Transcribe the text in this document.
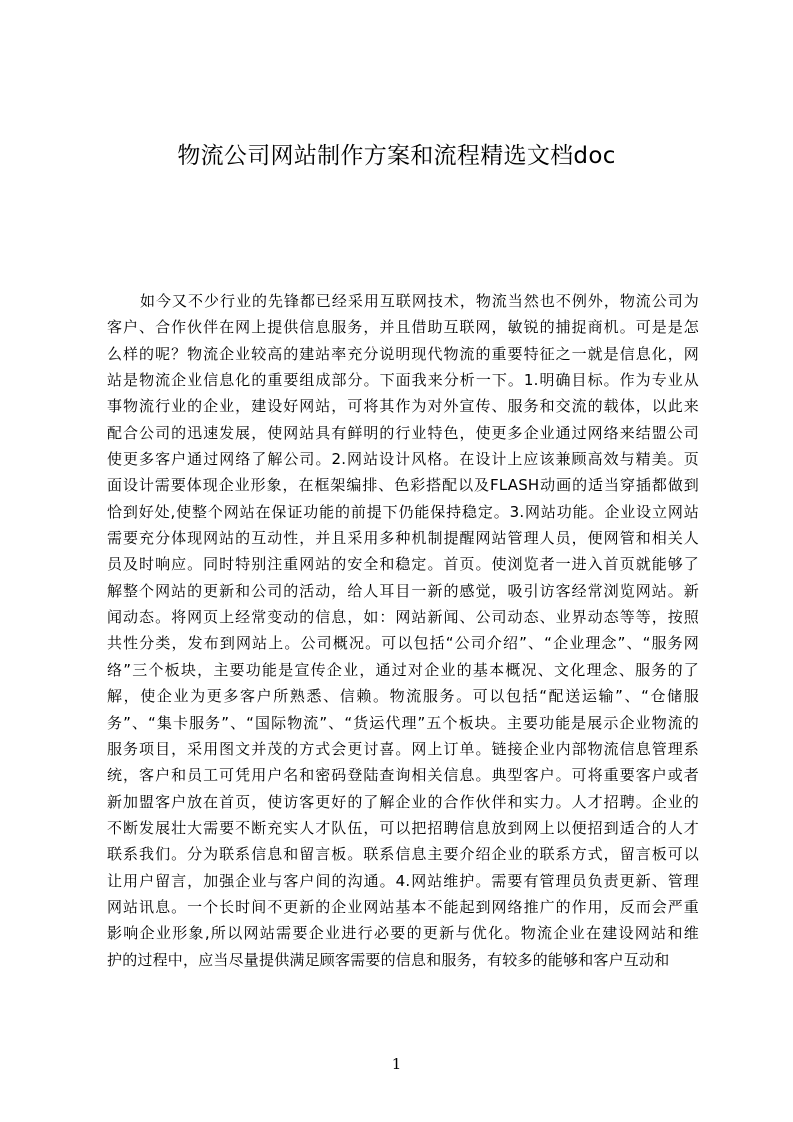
物流公司网站制作方案和流程精选文档doc
如今又不少行业的先锋都已经采用互联网技术，物流当然也不例外，物流公司为
客户、合作伙伴在网上提供信息服务，并且借助互联网，敏锐的捕捉商机。可是是怎
么样的呢？物流企业较高的建站率充分说明现代物流的重要特征之一就是信息化，网
站是物流企业信息化的重要组成部分。下面我来分析一下。1.明确目标。作为专业从
事物流行业的企业，建设好网站，可将其作为对外宣传、服务和交流的载体，以此来
配合公司的迅速发展，使网站具有鲜明的行业特色，使更多企业通过网络来结盟公司
使更多客户通过网络了解公司。2.网站设计风格。在设计上应该兼顾高效与精美。页
面设计需要体现企业形象，在框架编排、色彩搭配以及FLASH动画的适当穿插都做到
恰到好处,使整个网站在保证功能的前提下仍能保持稳定。3.网站功能。企业设立网站
需要充分体现网站的互动性，并且采用多种机制提醒网站管理人员，便网管和相关人
员及时响应。同时特别注重网站的安全和稳定。首页。使浏览者一进入首页就能够了
解整个网站的更新和公司的活动，给人耳目一新的感觉，吸引访客经常浏览网站。新
闻动态。将网页上经常变动的信息，如：网站新闻、公司动态、业界动态等等，按照
共性分类，发布到网站上。公司概况。可以包括“公司介绍”、“企业理念”、“服务网
络”三个板块，主要功能是宣传企业，通过对企业的基本概况、文化理念、服务的了
解，使企业为更多客户所熟悉、信赖。物流服务。可以包括“配送运输”、“仓储服
务”、“集卡服务”、“国际物流”、“货运代理”五个板块。主要功能是展示企业物流的
服务项目，采用图文并茂的方式会更讨喜。网上订单。链接企业内部物流信息管理系
统，客户和员工可凭用户名和密码登陆查询相关信息。典型客户。可将重要客户或者
新加盟客户放在首页，使访客更好的了解企业的合作伙伴和实力。人才招聘。企业的
不断发展壮大需要不断充实人才队伍，可以把招聘信息放到网上以便招到适合的人才
联系我们。分为联系信息和留言板。联系信息主要介绍企业的联系方式，留言板可以
让用户留言，加强企业与客户间的沟通。4.网站维护。需要有管理员负责更新、管理
网站讯息。一个长时间不更新的企业网站基本不能起到网络推广的作用，反而会严重
影响企业形象,所以网站需要企业进行必要的更新与优化。物流企业在建设网站和维
护的过程中，应当尽量提供满足顾客需要的信息和服务，有较多的能够和客户互动和
1
